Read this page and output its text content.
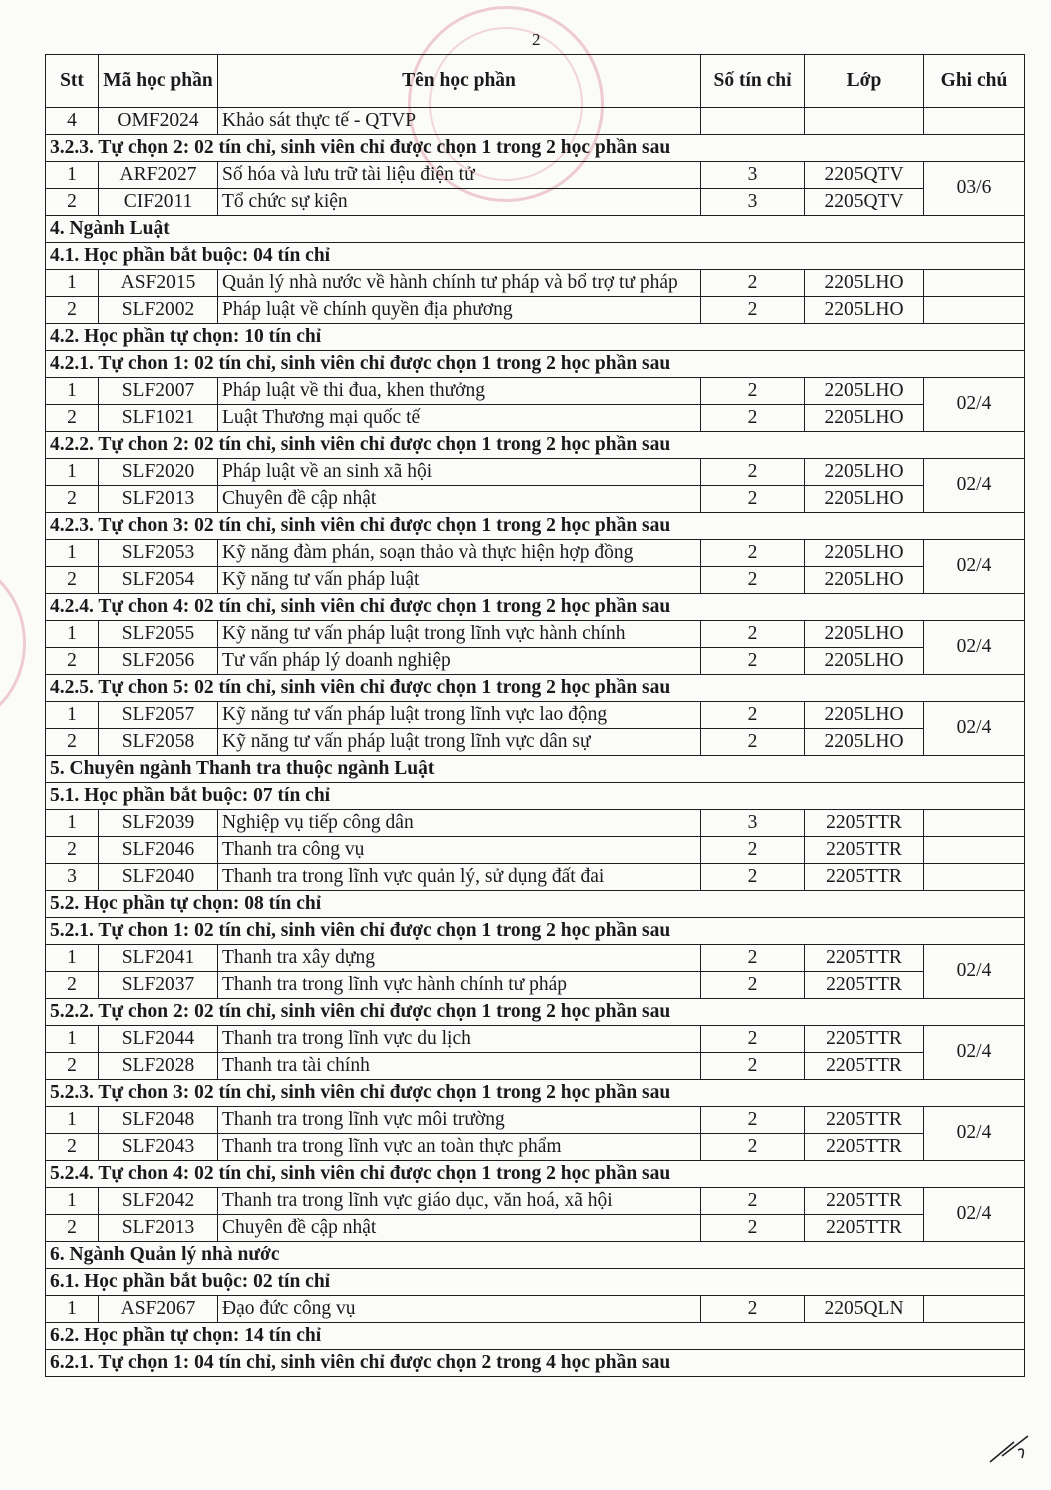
2
Stt	Mã học phần	Tên học phần	Số tín chỉ	Lớp	Ghi chú
4	OMF2024	Khảo sát thực tế - QTVP			
3.2.3. Tự chọn 2: 02 tín chỉ, sinh viên chỉ được chọn 1 trong 2 học phần sau					
1	ARF2027	Số hóa và lưu trữ tài liệu điện tử	3	2205QTV	03/6
2	CIF2011	Tổ chức sự kiện	3	2205QTV	
4. Ngành Luật					
4.1. Học phần bắt buộc: 04 tín chỉ					
1	ASF2015	Quản lý nhà nước về hành chính tư pháp và bổ trợ tư pháp	2	2205LHO	
2	SLF2002	Pháp luật về chính quyền địa phương	2	2205LHO	
4.2. Học phần tự chọn: 10 tín chỉ					
4.2.1. Tự chon 1: 02 tín chỉ, sinh viên chỉ được chọn 1 trong 2 học phần sau					
1	SLF2007	Pháp luật về thi đua, khen thưởng	2	2205LHO	02/4
2	SLF1021	Luật Thương mại quốc tế	2	2205LHO	
4.2.2. Tự chon 2: 02 tín chỉ, sinh viên chỉ được chọn 1 trong 2 học phần sau					
1	SLF2020	Pháp luật về an sinh xã hội	2	2205LHO	02/4
2	SLF2013	Chuyên đề cập nhật	2	2205LHO	
4.2.3. Tự chon 3: 02 tín chỉ, sinh viên chỉ được chọn 1 trong 2 học phần sau					
1	SLF2053	Kỹ năng đàm phán, soạn thảo và thực hiện hợp đồng	2	2205LHO	02/4
2	SLF2054	Kỹ năng tư vấn pháp luật	2	2205LHO	
4.2.4. Tự chon 4: 02 tín chỉ, sinh viên chỉ được chọn 1 trong 2 học phần sau					
1	SLF2055	Kỹ năng tư vấn pháp luật trong lĩnh vực hành chính	2	2205LHO	02/4
2	SLF2056	Tư vấn pháp lý doanh nghiệp	2	2205LHO	
4.2.5. Tự chon 5: 02 tín chỉ, sinh viên chỉ được chọn 1 trong 2 học phần sau					
1	SLF2057	Kỹ năng tư vấn pháp luật trong lĩnh vực lao động	2	2205LHO	02/4
2	SLF2058	Kỹ năng tư vấn pháp luật trong lĩnh vực dân sự	2	2205LHO	
5. Chuyên ngành Thanh tra thuộc ngành Luật					
5.1. Học phần bắt buộc: 07 tín chỉ					
1	SLF2039	Nghiệp vụ tiếp công dân	3	2205TTR	
2	SLF2046	Thanh tra công vụ	2	2205TTR	
3	SLF2040	Thanh tra trong lĩnh vực quản lý, sử dụng đất đai	2	2205TTR	
5.2. Học phần tự chọn: 08 tín chỉ					
5.2.1. Tự chon 1: 02 tín chỉ, sinh viên chỉ được chọn 1 trong 2 học phần sau					
1	SLF2041	Thanh tra xây dựng	2	2205TTR	02/4
2	SLF2037	Thanh tra trong lĩnh vực hành chính tư pháp	2	2205TTR	
5.2.2. Tự chon 2: 02 tín chỉ, sinh viên chỉ được chọn 1 trong 2 học phần sau					
1	SLF2044	Thanh tra trong lĩnh vực du lịch	2	2205TTR	02/4
2	SLF2028	Thanh tra tài chính	2	2205TTR	
5.2.3. Tự chon 3: 02 tín chỉ, sinh viên chỉ được chọn 1 trong 2 học phần sau					
1	SLF2048	Thanh tra trong lĩnh vực môi trường	2	2205TTR	02/4
2	SLF2043	Thanh tra trong lĩnh vực an toàn thực phẩm	2	2205TTR	
5.2.4. Tự chon 4: 02 tín chỉ, sinh viên chỉ được chọn 1 trong 2 học phần sau					
1	SLF2042	Thanh tra trong lĩnh vực giáo dục, văn hoá, xã hội	2	2205TTR	02/4
2	SLF2013	Chuyên đề cập nhật	2	2205TTR	
6. Ngành Quản lý nhà nước					
6.1. Học phần bắt buộc: 02 tín chỉ					
1	ASF2067	Đạo đức công vụ	2	2205QLN	
6.2. Học phần tự chọn: 14 tín chỉ					
6.2.1. Tự chọn 1: 04 tín chỉ, sinh viên chỉ được chọn 2 trong 4 học phần sau					
